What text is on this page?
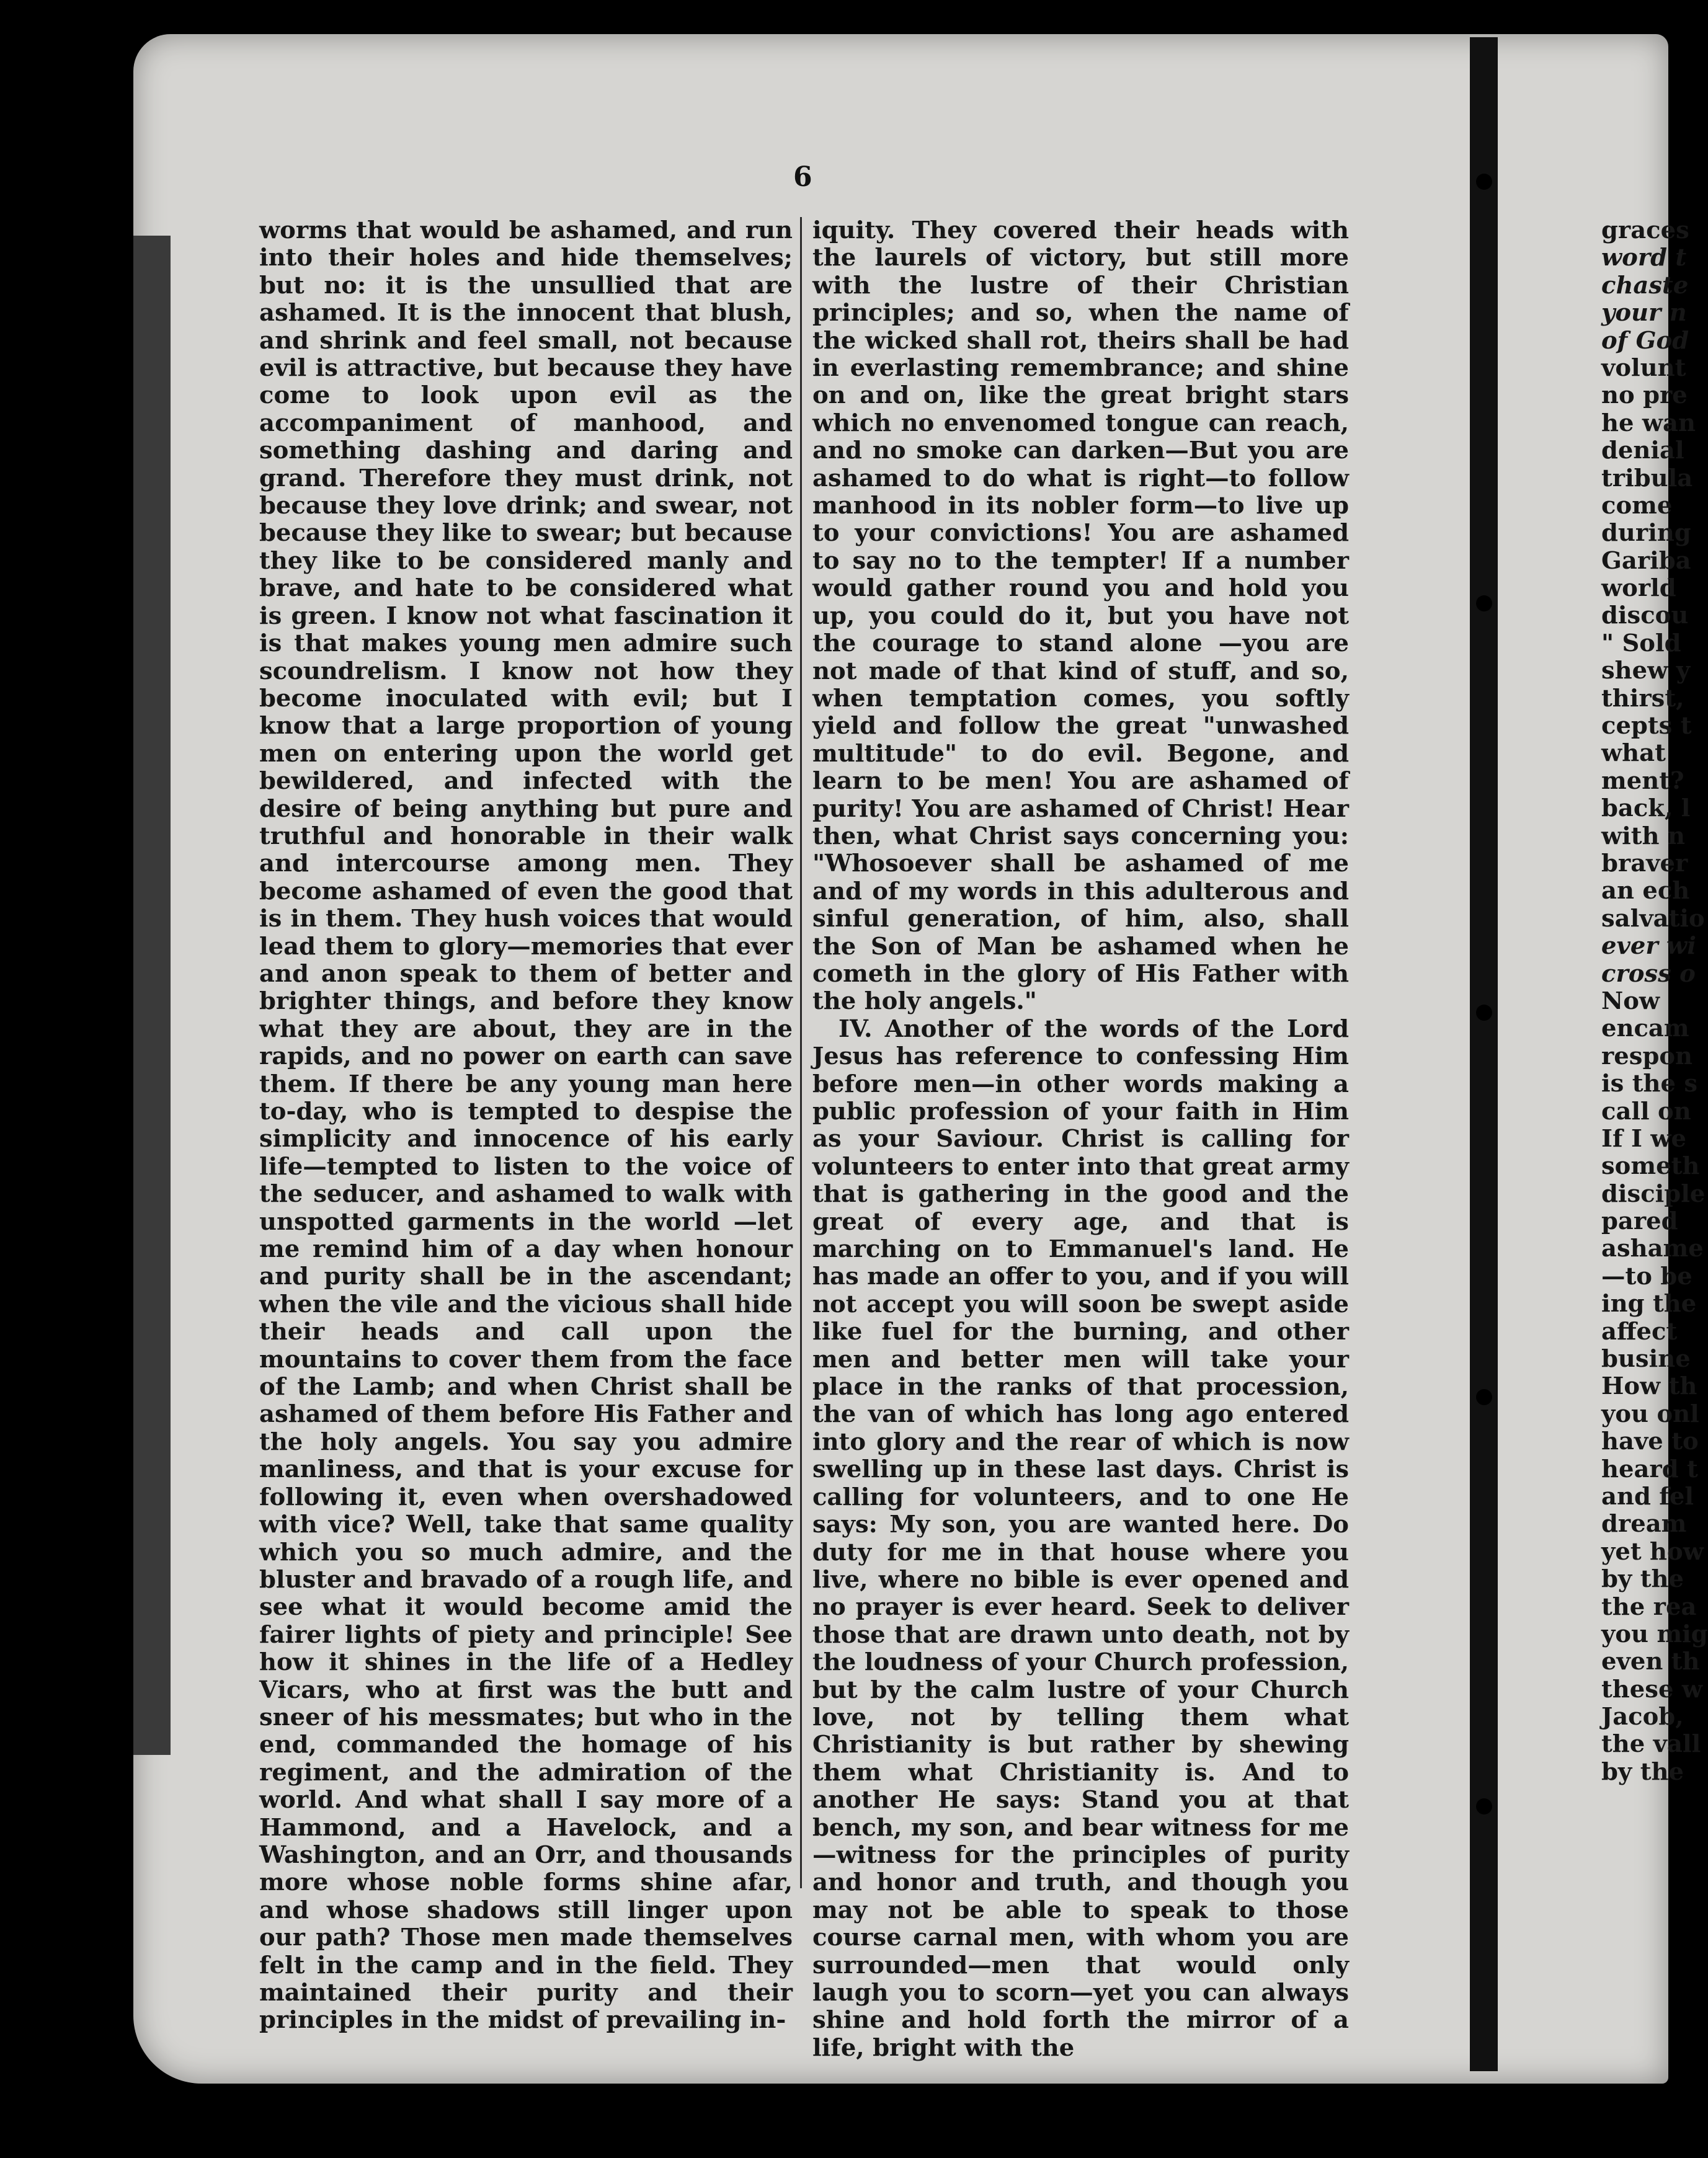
6

worms that would be ashamed, and run into their holes and hide themselves; but no: it is the unsullied that are ashamed. It is the innocent that blush, and shrink and feel small, not because evil is attractive, but because they have come to look upon evil as the accompaniment of manhood, and something dashing and daring and grand. Therefore they must drink, not because they love drink; and swear, not because they like to swear; but because they like to be considered manly and brave, and hate to be considered what is green. I know not what fascination it is that makes young men admire such scoundrelism. I know not how they become inoculated with evil; but I know that a large proportion of young men on entering upon the world get bewildered, and infected with the desire of being anything but pure and truthful and honorable in their walk and intercourse among men. They become ashamed of even the good that is in them. They hush voices that would lead them to glory—memories that ever and anon speak to them of better and brighter things, and before they know what they are about, they are in the rapids, and no power on earth can save them. If there be any young man here to-day, who is tempted to despise the simplicity and innocence of his early life—tempted to listen to the voice of the seducer, and ashamed to walk with unspotted garments in the world —let me remind him of a day when honour and purity shall be in the ascendant; when the vile and the vicious shall hide their heads and call upon the mountains to cover them from the face of the Lamb; and when Christ shall be ashamed of them before His Father and the holy angels. You say you admire manliness, and that is your excuse for following it, even when overshadowed with vice? Well, take that same quality which you so much admire, and the bluster and bravado of a rough life, and see what it would become amid the fairer lights of piety and principle! See how it shines in the life of a Hedley Vicars, who at first was the butt and sneer of his messmates; but who in the end, commanded the homage of his regiment, and the admiration of the world. And what shall I say more of a Hammond, and a Havelock, and a Washington, and an Orr, and thousands more whose noble forms shine afar, and whose shadows still linger upon our path? Those men made themselves felt in the camp and in the field. They maintained their purity and their principles in the midst of prevailing in-

iquity. They covered their heads with the laurels of victory, but still more with the lustre of their Christian principles; and so, when the name of the wicked shall rot, theirs shall be had in everlasting remembrance; and shine on and on, like the great bright stars which no envenomed tongue can reach, and no smoke can darken—But you are ashamed to do what is right—to follow manhood in its nobler form—to live up to your convictions! You are ashamed to say no to the tempter! If a number would gather round you and hold you up, you could do it, but you have not the courage to stand alone —you are not made of that kind of stuff, and so, when temptation comes, you softly yield and follow the great "unwashed multitude" to do evil. Begone, and learn to be men! You are ashamed of purity! You are ashamed of Christ! Hear then, what Christ says concerning you: "Whosoever shall be ashamed of me and of my words in this adulterous and sinful generation, of him, also, shall the Son of Man be ashamed when he cometh in the glory of His Father with the holy angels."

IV. Another of the words of the Lord Jesus has reference to confessing Him before men—in other words making a public profession of your faith in Him as your Saviour. Christ is calling for volunteers to enter into that great army that is gathering in the good and the great of every age, and that is marching on to Emmanuel's land. He has made an offer to you, and if you will not accept you will soon be swept aside like fuel for the burning, and other men and better men will take your place in the ranks of that procession, the van of which has long ago entered into glory and the rear of which is now swelling up in these last days. Christ is calling for volunteers, and to one He says: My son, you are wanted here. Do duty for me in that house where you live, where no bible is ever opened and no prayer is ever heard. Seek to deliver those that are drawn unto death, not by the loudness of your Church profession, but by the calm lustre of your Church love, not by telling them what Christianity is but rather by shewing them what Christianity is. And to another He says: Stand you at that bench, my son, and bear witness for me—witness for the principles of purity and honor and truth, and though you may not be able to speak to those course carnal men, with whom you are surrounded—men that would only laugh you to scorn—yet you can always shine and hold forth the mirror of a life, bright with the

graces
word t
chaste
your n
of God
volunt
no pre
he wan
denial
tribula
come
during
Gariba
world
discou
" Sold
shew y
thirst,
cepts t
what
ment?
back, l
with n
braver
an ech
salvatio
ever wi
cross o
Now
encam
respon
is the s
call on
If I we
someth
disciple
pared
ashame
—to be
ing the
affect
busine
How th
you onl
have to
heard t
and fel
dream
yet how
by the
the rea
you mig
even th
these w
Jacob,
the vall
by the
